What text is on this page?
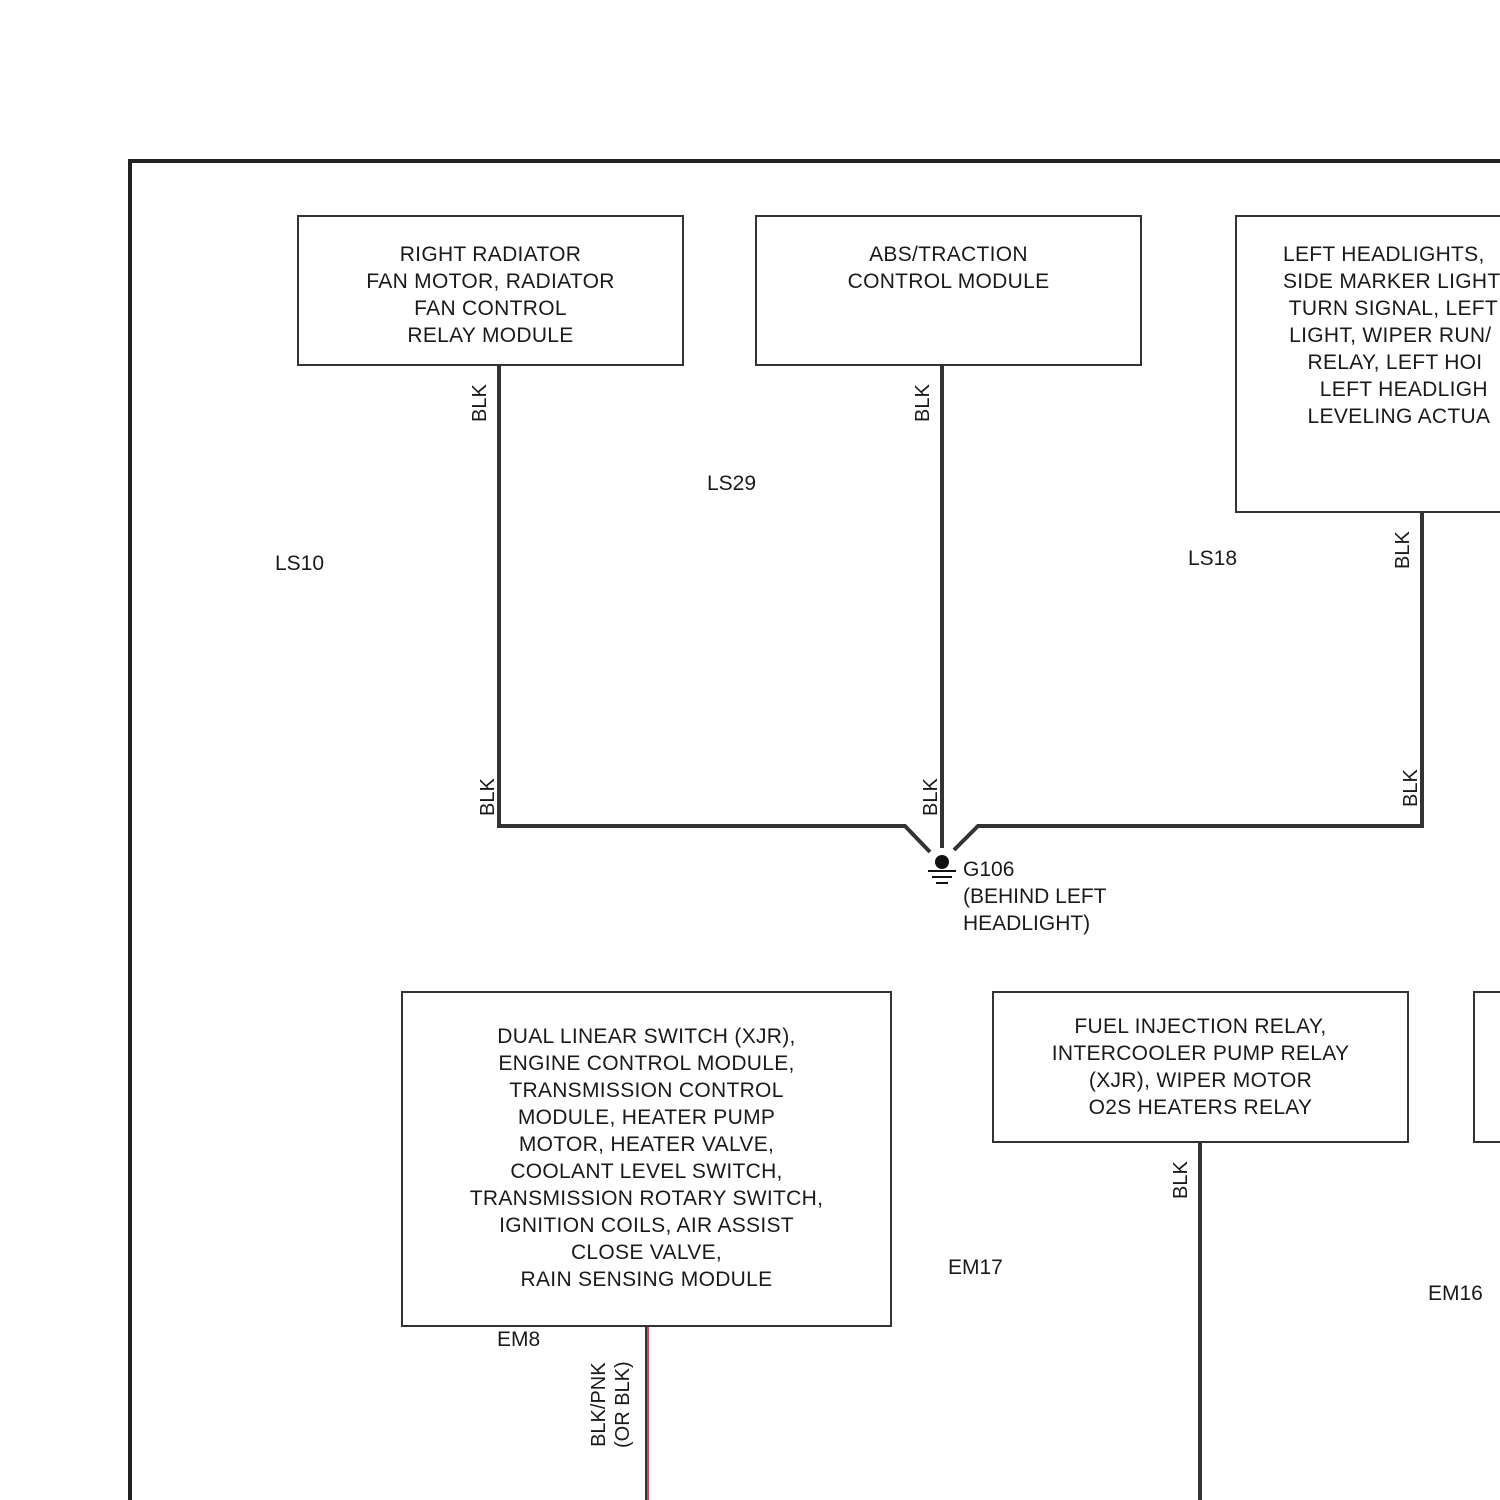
RIGHT RADIATOR
FAN MOTOR, RADIATOR
FAN CONTROL
RELAY MODULE
ABS/TRACTION
CONTROL MODULE
LEFT HEADLIGHTS,
SIDE MARKER LIGHT
TURN SIGNAL, LEFT
LIGHT, WIPER RUN/
RELAY, LEFT HOI
LEFT HEADLIGH
LEVELING ACTUA
DUAL LINEAR SWITCH (XJR),
ENGINE CONTROL MODULE,
TRANSMISSION CONTROL
MODULE, HEATER PUMP
MOTOR, HEATER VALVE,
COOLANT LEVEL SWITCH,
TRANSMISSION ROTARY SWITCH,
IGNITION COILS, AIR ASSIST
CLOSE VALVE,
RAIN SENSING MODULE
FUEL INJECTION RELAY,
INTERCOOLER PUMP RELAY
(XJR), WIPER MOTOR
O2S HEATERS RELAY
LS10
LS29
LS18
EM17
EM16
EM8
BLK	BLK
BLK
BLK	BLK	BLK
BLK
BLK/PNK
(OR BLK)
G106
(BEHIND LEFT
HEADLIGHT)
